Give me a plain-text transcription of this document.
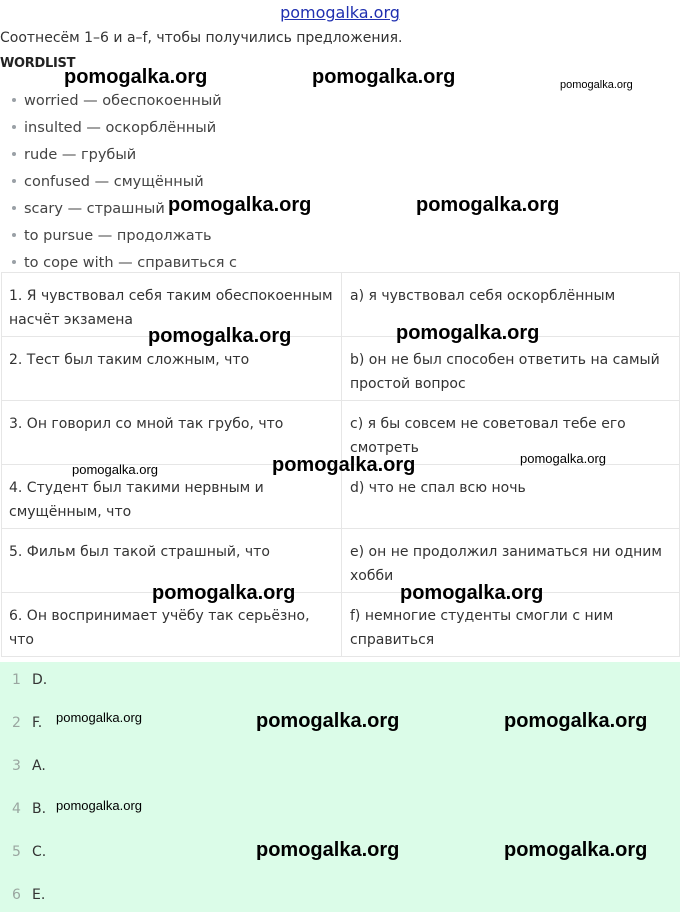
pomogalka.org
Соотнесём 1–6 и a–f, чтобы получились предложения.
WORDLIST
worried — обеспокоенный
insulted — оскорблённый
rude — грубый
confused — смущённый
scary — страшный
to pursue — продолжать
to cope with — справиться с
1. Я чувствовал себя таким обеспокоенным насчёт экзамена	a) я чувствовал себя оскорблённым
2. Тест был таким сложным, что	b) он не был способен ответить на самый простой вопрос
3. Он говорил со мной так грубо, что	c) я бы совсем не советовал тебе его смотреть
4. Студент был такими нервным и смущённым, что	d) что не спал всю ночь
5. Фильм был такой страшный, что	e) он не продолжил заниматься ни одним хобби
6. Он воспринимает учёбу так серьёзно, что	f) немногие студенты смогли с ним справиться
1 D.
2 F.
3 A.
4 B.
5 C.
6 E.
pomogalka.org	pomogalka.org	pomogalka.org
pomogalka.org	pomogalka.org
pomogalka.org	pomogalka.org
pomogalka.org
pomogalka.org
pomogalka.org
pomogalka.org	pomogalka.org
pomogalka.org	pomogalka.org	pomogalka.org
pomogalka.org
pomogalka.org	pomogalka.org
